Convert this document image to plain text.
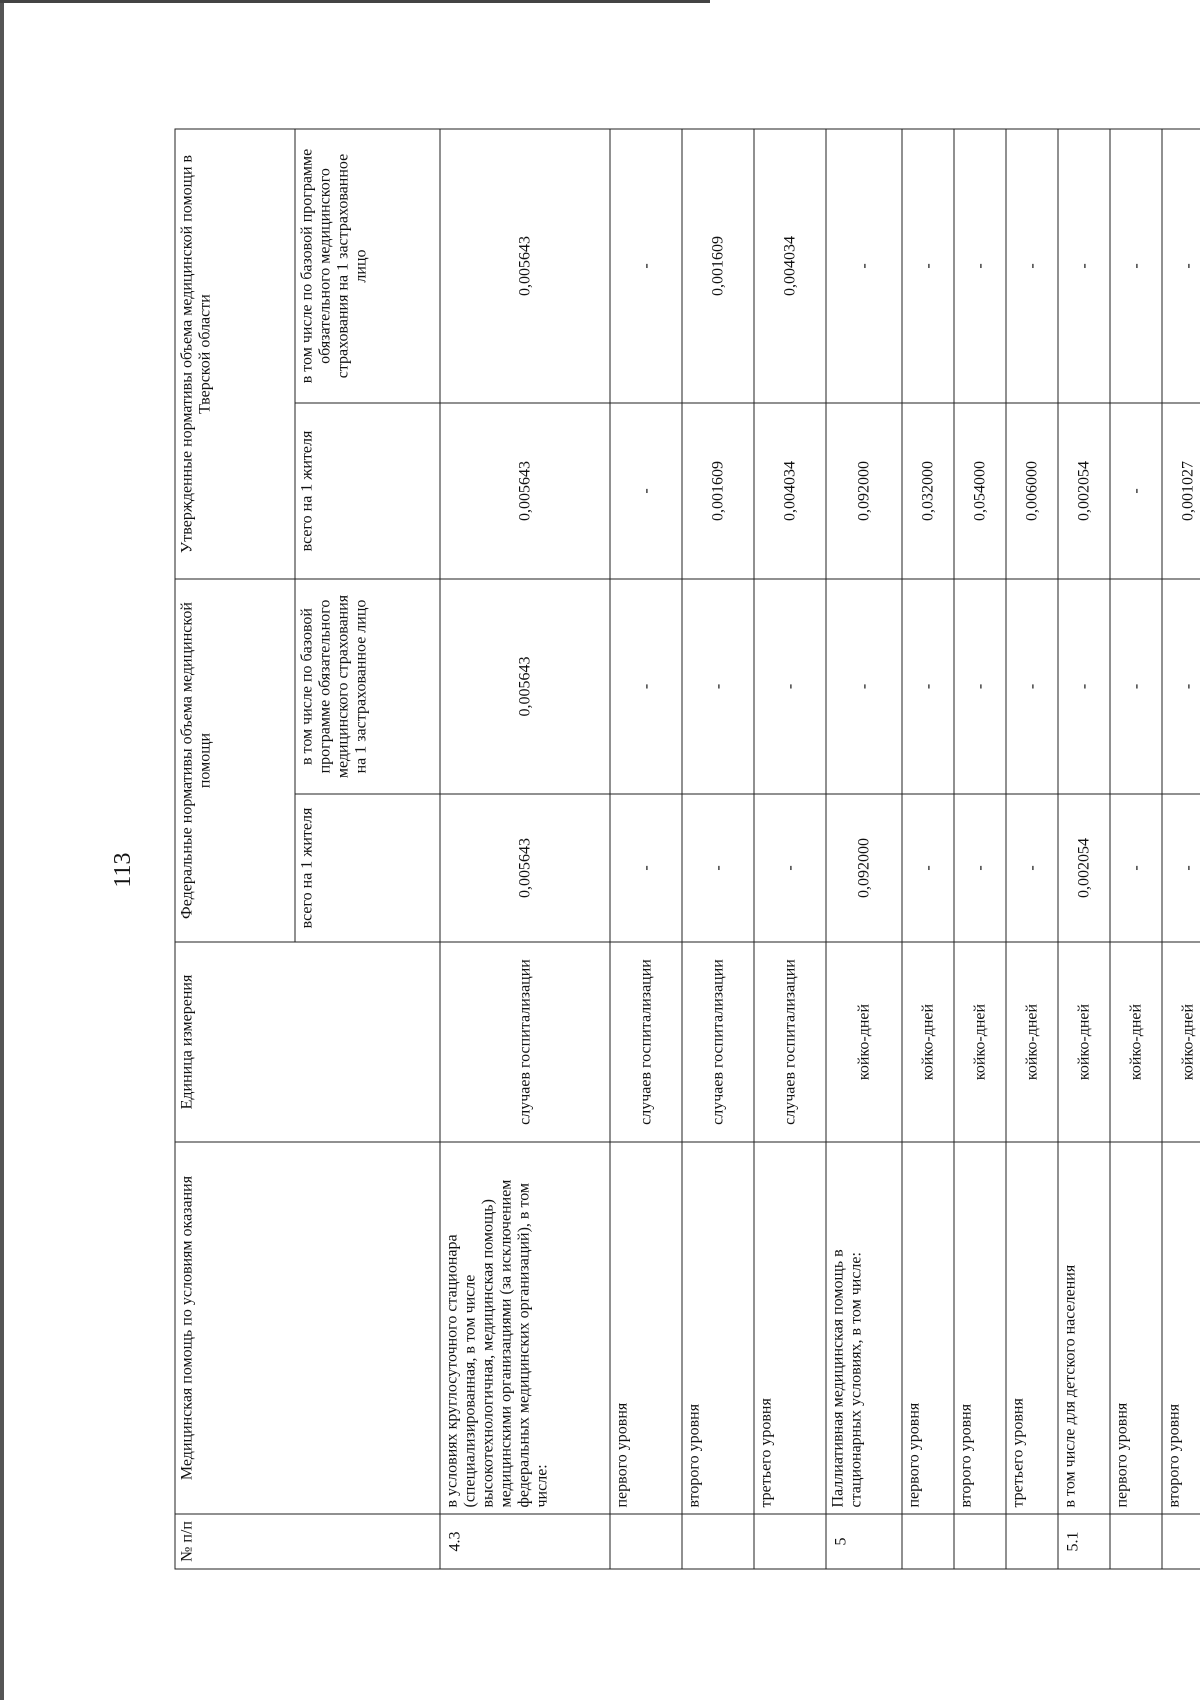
113
№ п/п	Медицинская помощь по условиям оказания	Единица измерения	Федеральные нормативы объема медицинской помощи		Утвержденные нормативы объема медицинской помощи в Тверской области	
			всего на 1 жителя	в том числе по базовой программе обязательного медицинского страхования на 1 застрахованное лицо	всего на 1 жителя	в том числе по базовой программе обязательного медицинского страхования на 1 застрахованное лицо
4.3	в условиях круглосуточного стационара (специализированная, в том числе высокотехнологичная, медицинская помощь) медицинскими организациями (за исключением федеральных медицинских организаций), в том числе:	случаев госпитализации	0,005643	0,005643	0,005643	0,005643
	первого уровня	случаев госпитализации	-	-	-	-
	второго уровня	случаев госпитализации	-	-	0,001609	0,001609
	третьего уровня	случаев госпитализации	-	-	0,004034	0,004034
5	Паллиативная медицинская помощь в стационарных условиях, в том числе:	койко-дней	0,092000	-	0,092000	-
	первого уровня	койко-дней	-	-	0,032000	-
	второго уровня	койко-дней	-	-	0,054000	-
	третьего уровня	койко-дней	-	-	0,006000	-
5.1	в том числе для детского населения	койко-дней	0,002054	-	0,002054	-
	первого уровня	койко-дней	-	-	-	-
	второго уровня	койко-дней	-	-	0,001027	-
